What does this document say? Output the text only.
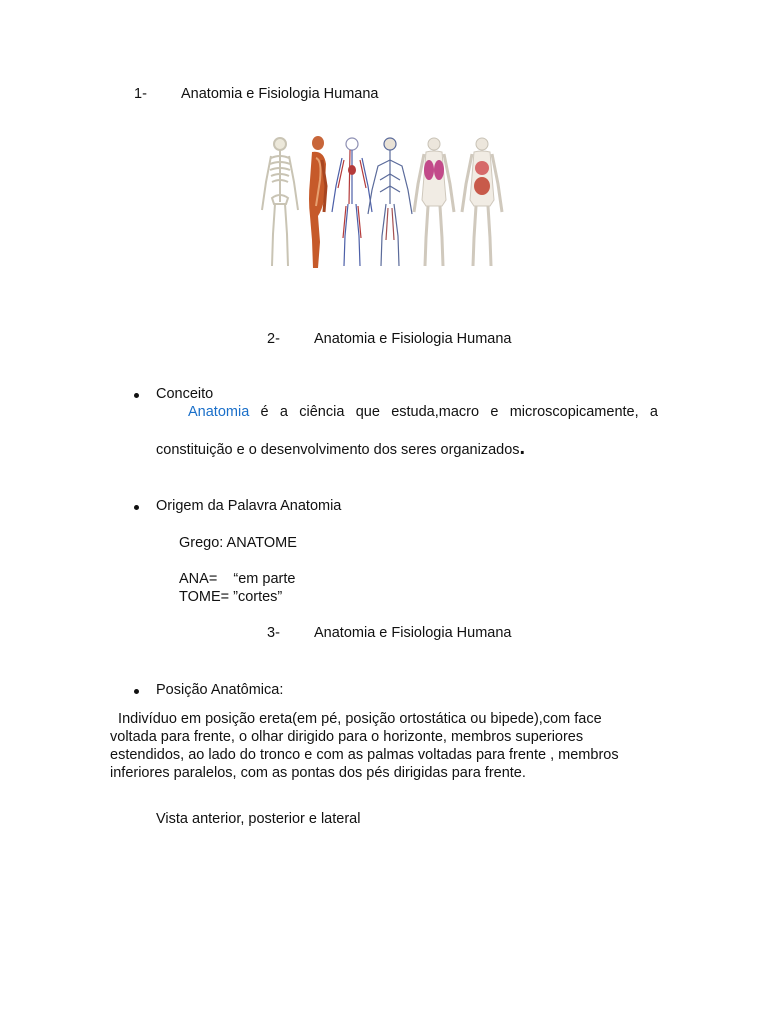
1- Anatomia e Fisiologia Humana
2- Anatomia e Fisiologia Humana
Conceito
Anatomia é a ciência que estuda,macro e microscopicamente, a
constituição e o desenvolvimento dos seres organizados.
Origem da Palavra Anatomia
Grego: ANATOME
ANA=    “em parte
TOME= ”cortes”
3- Anatomia e Fisiologia Humana
Posição Anatômica:
Indivíduo em posição ereta(em pé, posição ortostática ou bipede),com face
voltada para frente, o olhar dirigido para o horizonte, membros superiores
estendidos, ao lado do tronco e com as palmas voltadas para frente , membros
inferiores paralelos, com as pontas dos pés dirigidas para frente.
Vista anterior, posterior e lateral
